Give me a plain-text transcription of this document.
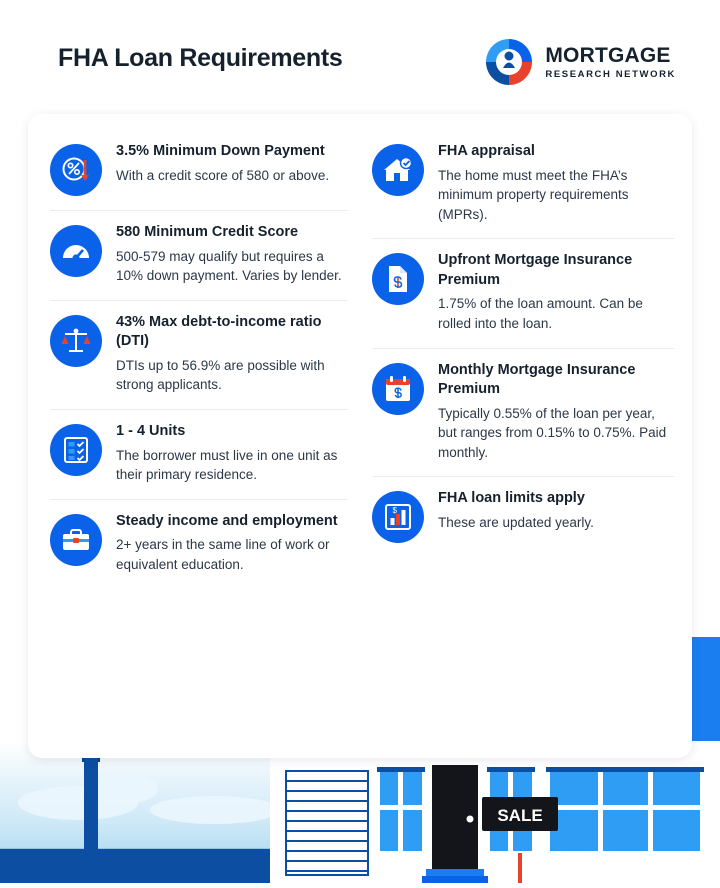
SALE
FHA Loan Requirements	MORTGAGE
RESEARCH NETWORK
3.5% Minimum Down Payment
With a credit score of 580 or above.
580 Minimum Credit Score
500-579 may qualify but requires a 10% down payment. Varies by lender.
43% Max debt-to-income ratio (DTI)
DTIs up to 56.9% are possible with strong applicants.
1 - 4 Units
The borrower must live in one unit as their primary residence.
Steady income and employment
2+ years in the same line of work or equivalent education.
FHA appraisal
The home must meet the FHA’s minimum property requirements (MPRs).
Upfront Mortgage Insurance Premium
1.75% of the loan amount. Can be rolled into the loan.
Monthly Mortgage Insurance Premium
Typically 0.55% of the loan per year, but ranges from 0.15% to 0.75%. Paid monthly.
$
FHA loan limits apply
These are updated yearly.
